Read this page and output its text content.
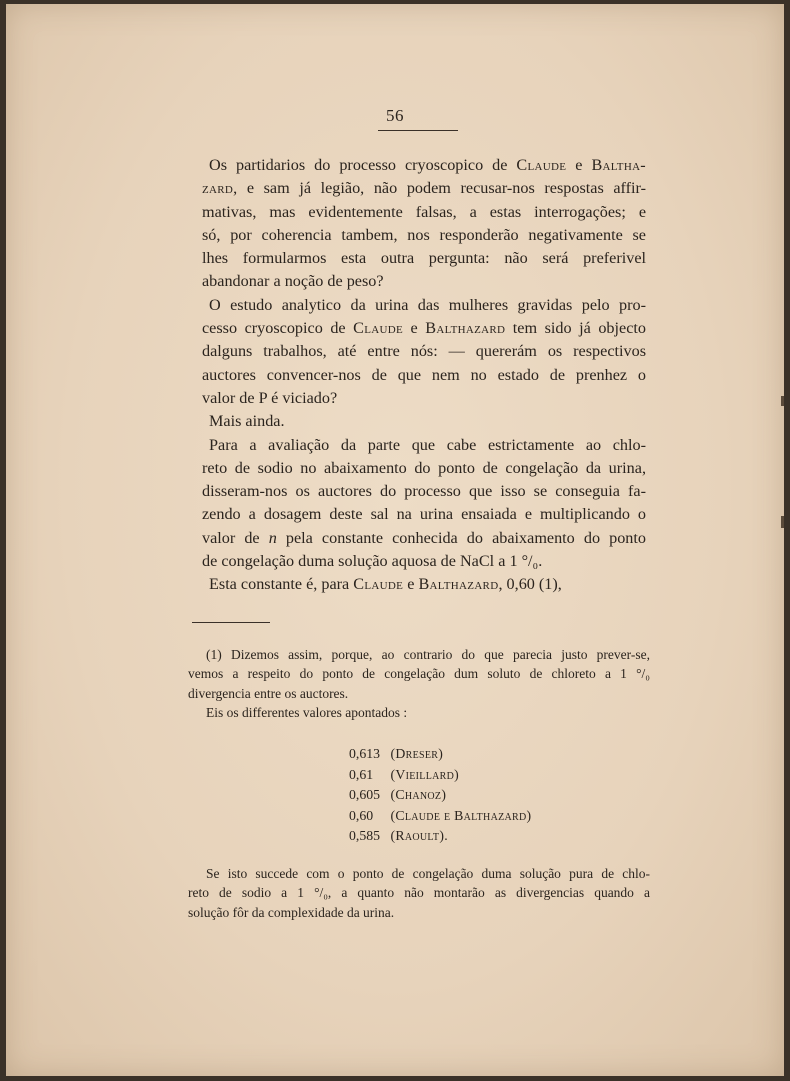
56
Os partidarios do processo cryoscopico de Claude e Baltha-
zard, e sam já legião, não podem recusar-nos respostas affir-
mativas, mas evidentemente falsas, a estas interrogações; e
só, por coherencia tambem, nos responderão negativamente se
lhes formularmos esta outra pergunta: não será preferivel
abandonar a noção de peso?
O estudo analytico da urina das mulheres gravidas pelo pro-
cesso cryoscopico de Claude e Balthazard tem sido já objecto
dalguns trabalhos, até entre nós: — quererám os respectivos
auctores convencer-nos de que nem no estado de prenhez o
valor de P é viciado?
Mais ainda.
Para a avaliação da parte que cabe estrictamente ao chlo-
reto de sodio no abaixamento do ponto de congelação da urina,
disseram-nos os auctores do processo que isso se conseguia fa-
zendo a dosagem deste sal na urina ensaiada e multiplicando o
valor de n pela constante conhecida do abaixamento do ponto
de congelação duma solução aquosa de NaCl a 1 °/₀.
Esta constante é, para Claude e Balthazard, 0,60 (1),
(1) Dizemos assim, porque, ao contrario do que parecia justo prever-se,
vemos a respeito do ponto de congelação dum soluto de chloreto a 1 °/₀
divergencia entre os auctores.
Eis os differentes valores apontados :
0,613 (Dreser)
0,61 (Vieillard)
0,605 (Chanoz)
0,60 (Claude e Balthazard)
0,585 (Raoult).
Se isto succede com o ponto de congelação duma solução pura de chlo-
reto de sodio a 1 °/₀, a quanto não montarão as divergencias quando a
solução fôr da complexidade da urina.
